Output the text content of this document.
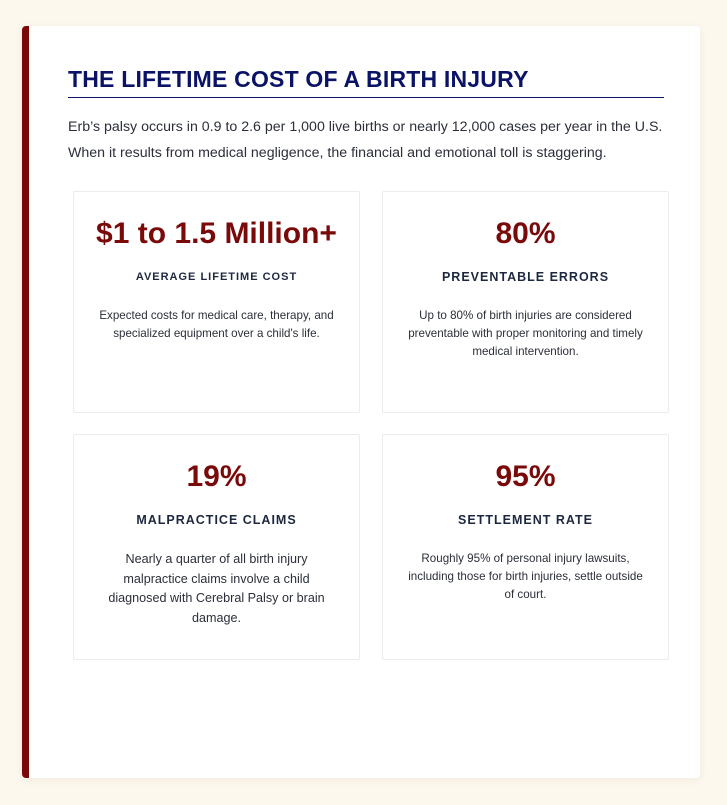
THE LIFETIME COST OF A BIRTH INJURY

Erb’s palsy occurs in 0.9 to 2.6 per 1,000 live births or nearly 12,000 cases per year in the U.S. When it results from medical negligence, the financial and emotional toll is staggering.

$1 to 1.5 Million+

AVERAGE LIFETIME COST

Expected costs for medical care, therapy, and specialized equipment over a child's life.

80%

PREVENTABLE ERRORS

Up to 80% of birth injuries are considered preventable with proper monitoring and timely medical intervention.

19%

MALPRACTICE CLAIMS

Nearly a quarter of all birth injury malpractice claims involve a child diagnosed with Cerebral Palsy or brain damage.

95%

SETTLEMENT RATE

Roughly 95% of personal injury lawsuits, including those for birth injuries, settle outside of court.
